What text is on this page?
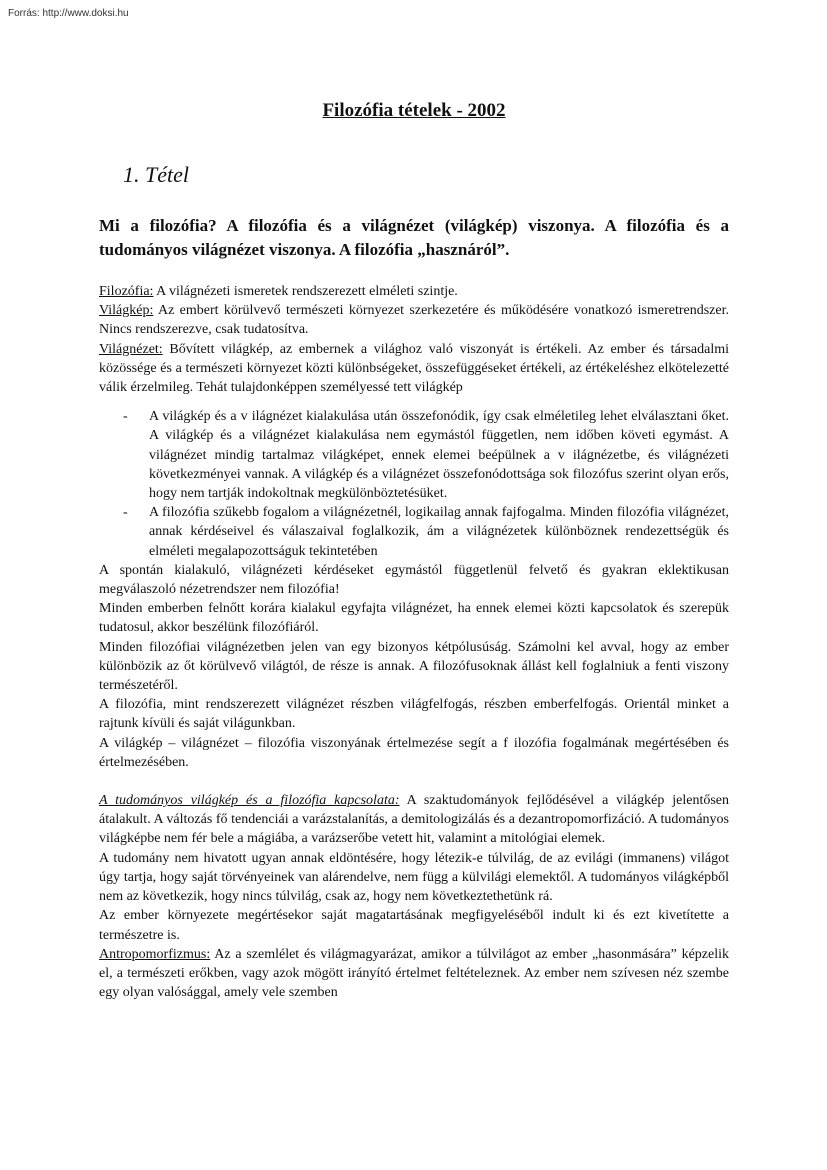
Forrás: http://www.doksi.hu
Filozófia tételek - 2002
1. Tétel
Mi a filozófia? A filozófia és a világnézet (világkép) viszonya. A filozófia és a tudományos világnézet viszonya. A filozófia „hasznáról”.

Filozófia: A világnézeti ismeretek rendszerezett elméleti szintje.

Világkép: Az embert körülvevő természeti környezet szerkezetére és működésére vonatkozó ismeretrendszer. Nincs rendszerezve, csak tudatosítva.

Világnézet: Bővített világkép, az embernek a világhoz való viszonyát is értékeli. Az ember és társadalmi közössége és a természeti környezet közti különbségeket, összefüggéseket értékeli, az értékeléshez elkötelezetté válik érzelmileg. Tehát tulajdonképpen személyessé tett világkép

- A világkép és a v ilágnézet kialakulása után összefonódik, így csak elméletileg lehet elválasztani őket. A világkép és a világnézet kialakulása nem egymástól független, nem időben követi egymást. A világnézet mindig tartalmaz világképet, ennek elemei beépülnek a v ilágnézetbe, és világnézeti következményei vannak. A világkép és a világnézet összefonódottsága sok filozófus szerint olyan erős, hogy nem tartják indokoltnak megkülönböztetésüket.
- A filozófia szűkebb fogalom a világnézetnél, logikailag annak fajfogalma. Minden filozófia világnézet, annak kérdéseivel és válaszaival foglalkozik, ám a világnézetek különböznek rendezettségük és elméleti megalapozottságuk tekintetében

A spontán kialakuló, világnézeti kérdéseket egymástól függetlenül felvető és gyakran eklektikusan megválaszoló nézetrendszer nem filozófia!

Minden emberben felnőtt korára kialakul egyfajta világnézet, ha ennek elemei közti kapcsolatok és szerepük tudatosul, akkor beszélünk filozófiáról.

Minden filozófiai világnézetben jelen van egy bizonyos kétpólusúság. Számolni kel avval, hogy az ember különbözik az őt körülvevő világtól, de része is annak. A filozófusoknak állást kell foglalniuk a fenti viszony természetéről.

A filozófia, mint rendszerezett világnézet részben világfelfogás, részben emberfelfogás. Orientál minket a rajtunk kívüli és saját világunkban.

A világkép – világnézet – filozófia viszonyának értelmezése segít a f ilozófia fogalmának megértésében és értelmezésében.

A tudományos világkép és a filozófia kapcsolata: A szaktudományok fejlődésével a világkép jelentősen átalakult. A változás fő tendenciái a varázstalanítás, a demitologizálás és a dezantropomorfizáció. A tudományos világképbe nem fér bele a mágiába, a varázserőbe vetett hit, valamint a mitológiai elemek.

A tudomány nem hivatott ugyan annak eldöntésére, hogy létezik-e túlvilág, de az evilági (immanens) világot úgy tartja, hogy saját törvényeinek van alárendelve, nem függ a külvilági elemektől. A tudományos világképből nem az következik, hogy nincs túlvilág, csak az, hogy nem következtethetünk rá.

Az ember környezete megértésekor saját magatartásának megfigyeléséből indult ki és ezt kivetítette a természetre is.

Antropomorfizmus: Az a szemlélet és világmagyarázat, amikor a túlvilágot az ember „hasonmására” képzelik el, a természeti erőkben, vagy azok mögött irányító értelmet feltételeznek. Az ember nem szívesen néz szembe egy olyan valósággal, amely vele szemben
